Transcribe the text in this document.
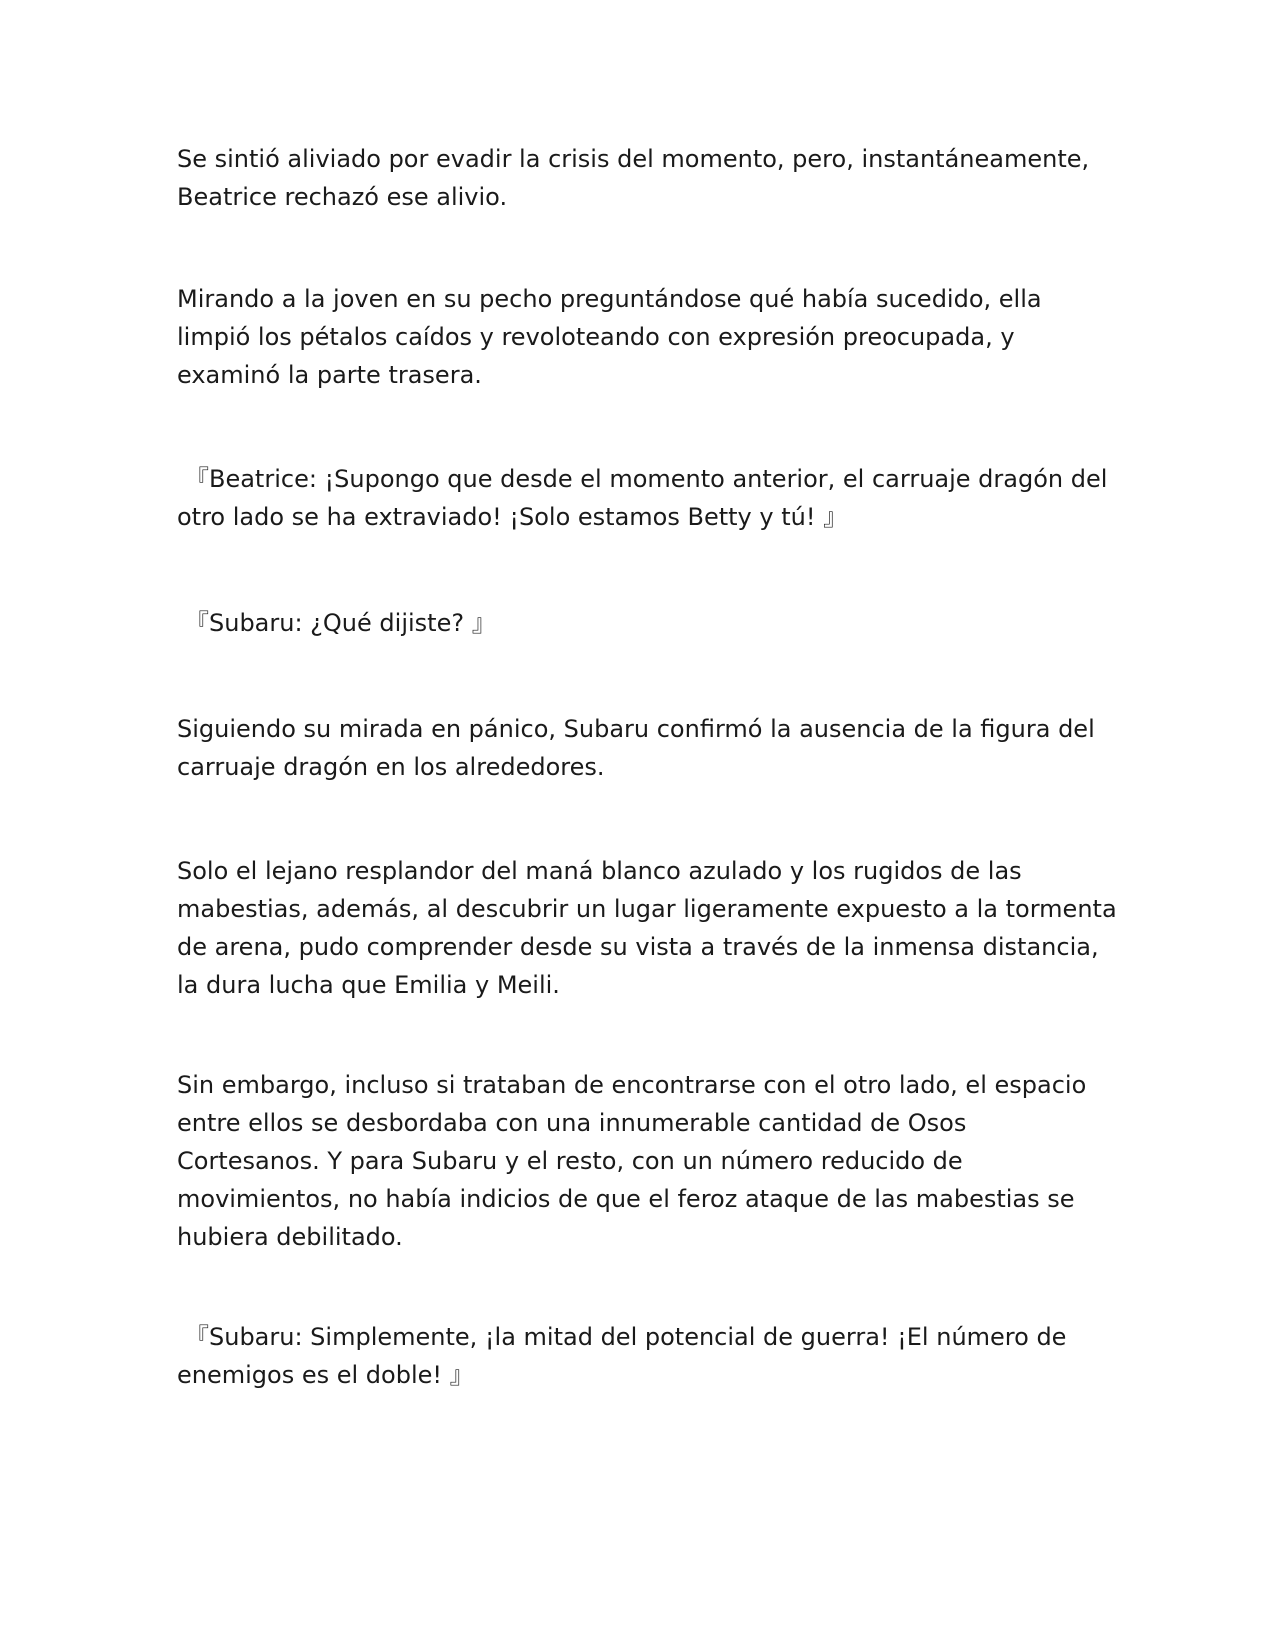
Se sintió aliviado por evadir la crisis del momento, pero, instantáneamente,
Beatrice rechazó ese alivio.

Mirando a la joven en su pecho preguntándose qué había sucedido, ella
limpió los pétalos caídos y revoloteando con expresión preocupada, y
examinó la parte trasera.

『Beatrice: ¡Supongo que desde el momento anterior, el carruaje dragón del
otro lado se ha extraviado! ¡Solo estamos Betty y tú! 』

『Subaru: ¿Qué dijiste? 』

Siguiendo su mirada en pánico, Subaru confirmó la ausencia de la figura del
carruaje dragón en los alrededores.

Solo el lejano resplandor del maná blanco azulado y los rugidos de las
mabestias, además, al descubrir un lugar ligeramente expuesto a la tormenta
de arena, pudo comprender desde su vista a través de la inmensa distancia,
la dura lucha que Emilia y Meili.

Sin embargo, incluso si trataban de encontrarse con el otro lado, el espacio
entre ellos se desbordaba con una innumerable cantidad de Osos
Cortesanos. Y para Subaru y el resto, con un número reducido de
movimientos, no había indicios de que el feroz ataque de las mabestias se
hubiera debilitado.

『Subaru: Simplemente, ¡la mitad del potencial de guerra! ¡El número de
enemigos es el doble! 』
